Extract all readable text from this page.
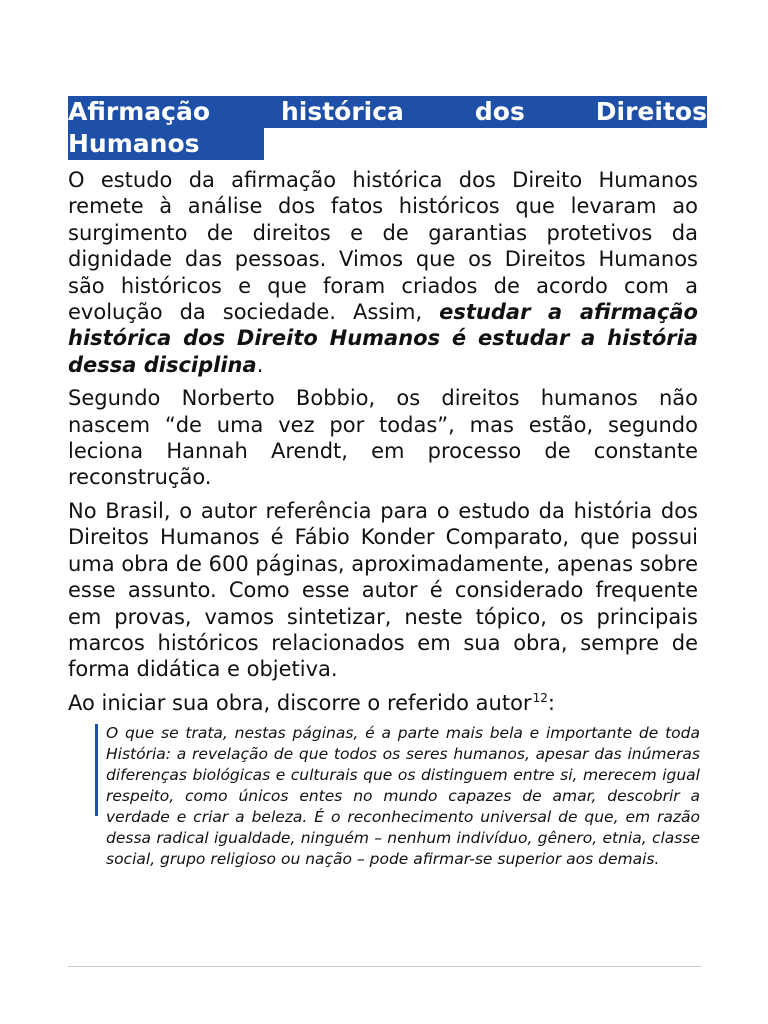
Afirmação	histórica	dos	Direitos
Humanos

O estudo da afirmação histórica dos Direito Humanos remete à análise dos fatos históricos que levaram ao surgimento de direitos e de garantias protetivos da dignidade das pessoas. Vimos que os Direitos Humanos são históricos e que foram criados de acordo com a evolução da sociedade. Assim, estudar a afirmação histórica dos Direito Humanos é estudar a história dessa disciplina.

Segundo Norberto Bobbio, os direitos humanos não nascem “de uma vez por todas”, mas estão, segundo leciona Hannah Arendt, em processo de constante reconstrução.

No Brasil, o autor referência para o estudo da história dos Direitos Humanos é Fábio Konder Comparato, que possui uma obra de 600 páginas, aproximadamente, apenas sobre esse assunto. Como esse autor é considerado frequente em provas, vamos sintetizar, neste tópico, os principais marcos históricos relacionados em sua obra, sempre de forma didática e objetiva.

Ao iniciar sua obra, discorre o referido autor$^{12}$:

O que se trata, nestas páginas, é a parte mais bela e importante de toda História: a revelação de que todos os seres humanos, apesar das inúmeras diferenças biológicas e culturais que os distinguem entre si, merecem igual respeito, como únicos entes no mundo capazes de amar, descobrir a verdade e criar a beleza. É o reconhecimento universal de que, em razão dessa radical igualdade, ninguém – nenhum indivíduo, gênero, etnia, classe social, grupo religioso ou nação – pode afirmar-se superior aos demais.
